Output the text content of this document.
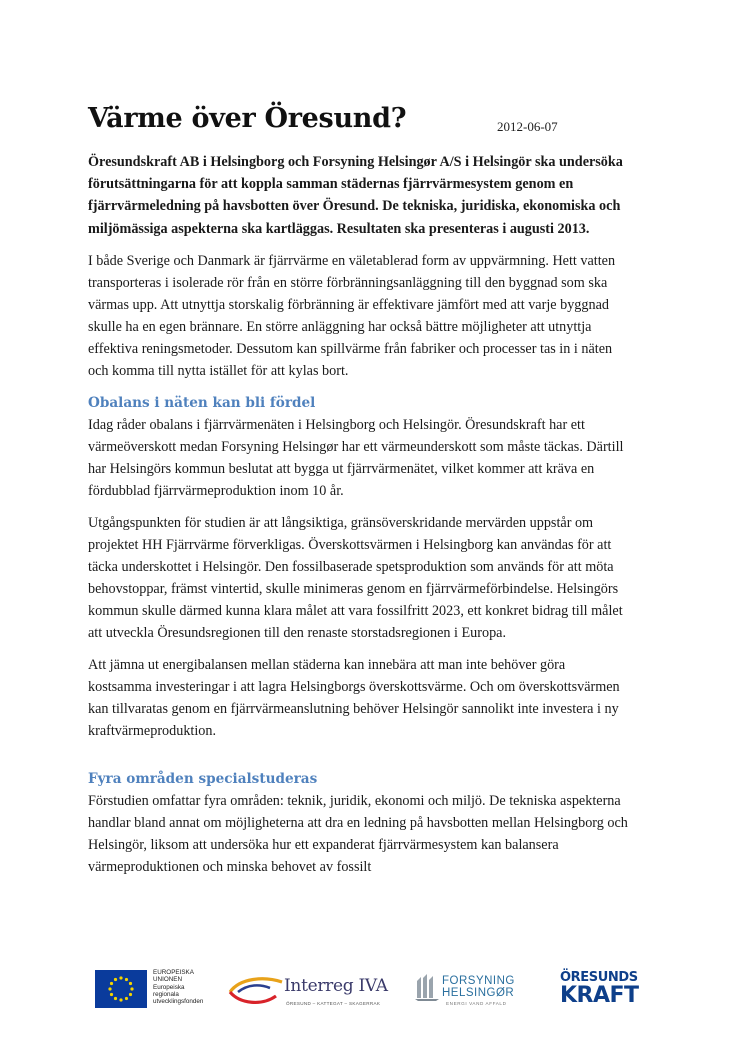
Värme över Öresund?	2012-06-07

Öresundskraft AB i Helsingborg och Forsyning Helsingør A/S i Helsingör ska undersöka förutsättningarna för att koppla samman städernas fjärrvärmesystem genom en fjärrvärmeledning på havsbotten över Öresund. De tekniska, juridiska, ekonomiska och miljömässiga aspekterna ska kartläggas. Resultaten ska presenteras i augusti 2013.

I både Sverige och Danmark är fjärrvärme en väletablerad form av uppvärmning. Hett vatten transporteras i isolerade rör från en större förbränningsanläggning till den byggnad som ska värmas upp. Att utnyttja storskalig förbränning är effektivare jämfört med att varje byggnad skulle ha en egen brännare. En större anläggning har också bättre möjligheter att utnyttja effektiva reningsmetoder. Dessutom kan spillvärme från fabriker och processer tas in i näten och komma till nytta istället för att kylas bort.

Obalans i näten kan bli fördel

Idag råder obalans i fjärrvärmenäten i Helsingborg och Helsingör. Öresundskraft har ett värmeöverskott medan Forsyning Helsingør har ett värmeunderskott som måste täckas. Därtill har Helsingörs kommun beslutat att bygga ut fjärrvärmenätet, vilket kommer att kräva en fördubblad fjärrvärmeproduktion inom 10 år.

Utgångspunkten för studien är att långsiktiga, gränsöverskridande mervärden uppstår om projektet HH Fjärrvärme förverkligas. Överskottsvärmen i Helsingborg kan användas för att täcka underskottet i Helsingör. Den fossilbaserade spetsproduktion som används för att möta behovstoppar, främst vintertid, skulle minimeras genom en fjärrvärmeförbindelse. Helsingörs kommun skulle därmed kunna klara målet att vara fossilfritt 2023, ett konkret bidrag till målet att utveckla Öresundsregionen till den renaste storstadsregionen i Europa.

Att jämna ut energibalansen mellan städerna kan innebära att man inte behöver göra kostsamma investeringar i att lagra Helsingborgs överskottsvärme. Och om överskottsvärmen kan tillvaratas genom en fjärrvärmeanslutning behöver Helsingör sannolikt inte investera i ny kraftvärmeproduktion.

Fyra områden specialstuderas

Förstudien omfattar fyra områden: teknik, juridik, ekonomi och miljö. De tekniska aspekterna handlar bland annat om möjligheterna att dra en ledning på havsbotten mellan Helsingborg och Helsingör, liksom att undersöka hur ett expanderat fjärrvärmesystem kan balansera värmeproduktionen och minska behovet av fossilt

EUROPEISKA
UNIONEN
Europeiska
regionala
utvecklingsfonden
Interreg IVA
ÖRESUND – KATTEGAT – SKAGERRAK
FORSYNING
HELSINGØR
ENERGI VAND AFFALD
ÖRESUNDS
KRAFT
